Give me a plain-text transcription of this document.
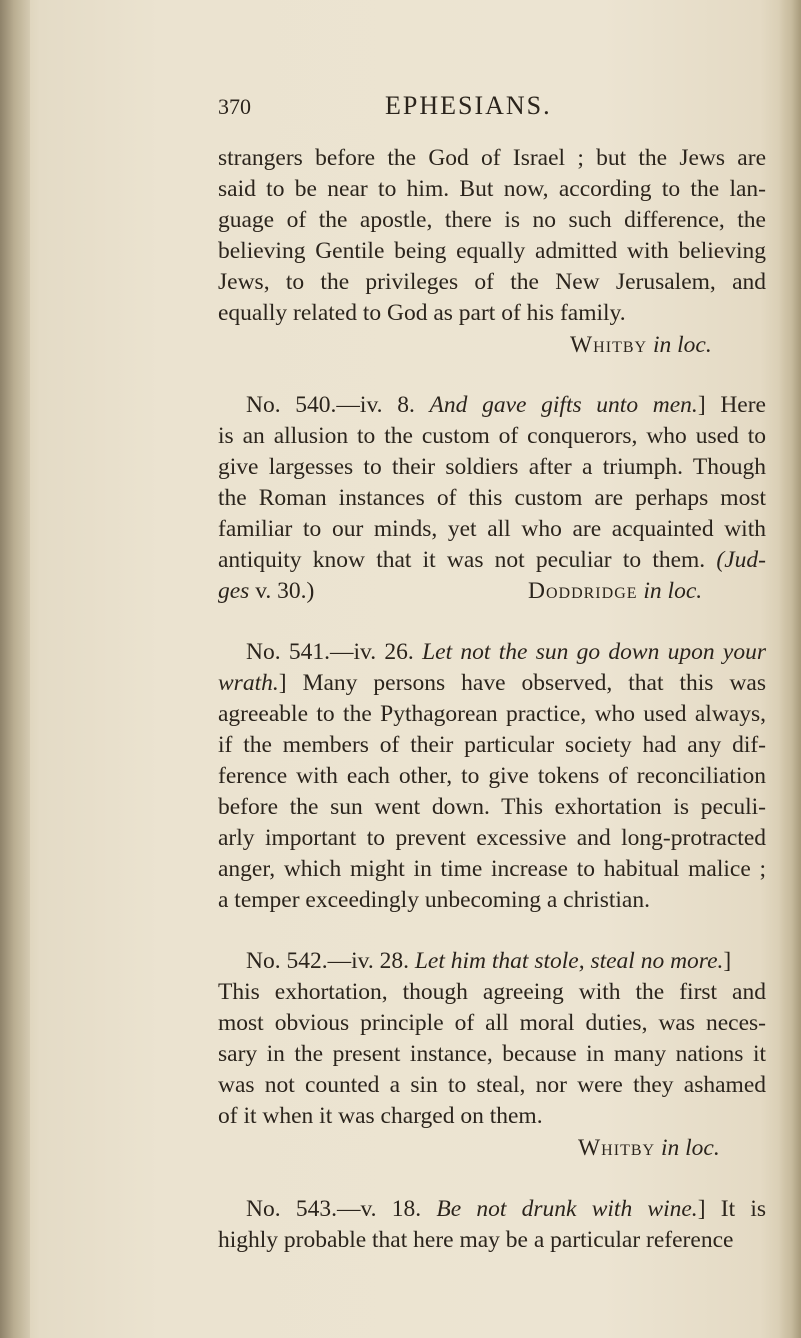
370	EPHESIANS.
strangers before the God of Israel ; but the Jews are
said to be near to him. But now, according to the lan-
guage of the apostle, there is no such difference, the
believing Gentile being equally admitted with believing
Jews, to the privileges of the New Jerusalem, and
equally related to God as part of his family.
Whitby in loc.
No. 540.—iv. 8. And gave gifts unto men.] Here
is an allusion to the custom of conquerors, who used to
give largesses to their soldiers after a triumph. Though
the Roman instances of this custom are perhaps most
familiar to our minds, yet all who are acquainted with
antiquity know that it was not peculiar to them. (Jud-
ges v. 30.)	Doddridge in loc.
No. 541.—iv. 26. Let not the sun go down upon your
wrath.] Many persons have observed, that this was
agreeable to the Pythagorean practice, who used always,
if the members of their particular society had any dif-
ference with each other, to give tokens of reconciliation
before the sun went down. This exhortation is peculi-
arly important to prevent excessive and long-protracted
anger, which might in time increase to habitual malice ;
a temper exceedingly unbecoming a christian.
No. 542.—iv. 28. Let him that stole, steal no more.]
This exhortation, though agreeing with the first and
most obvious principle of all moral duties, was neces-
sary in the present instance, because in many nations it
was not counted a sin to steal, nor were they ashamed
of it when it was charged on them.
Whitby in loc.
No. 543.—v. 18. Be not drunk with wine.] It is
highly probable that here may be a particular reference
